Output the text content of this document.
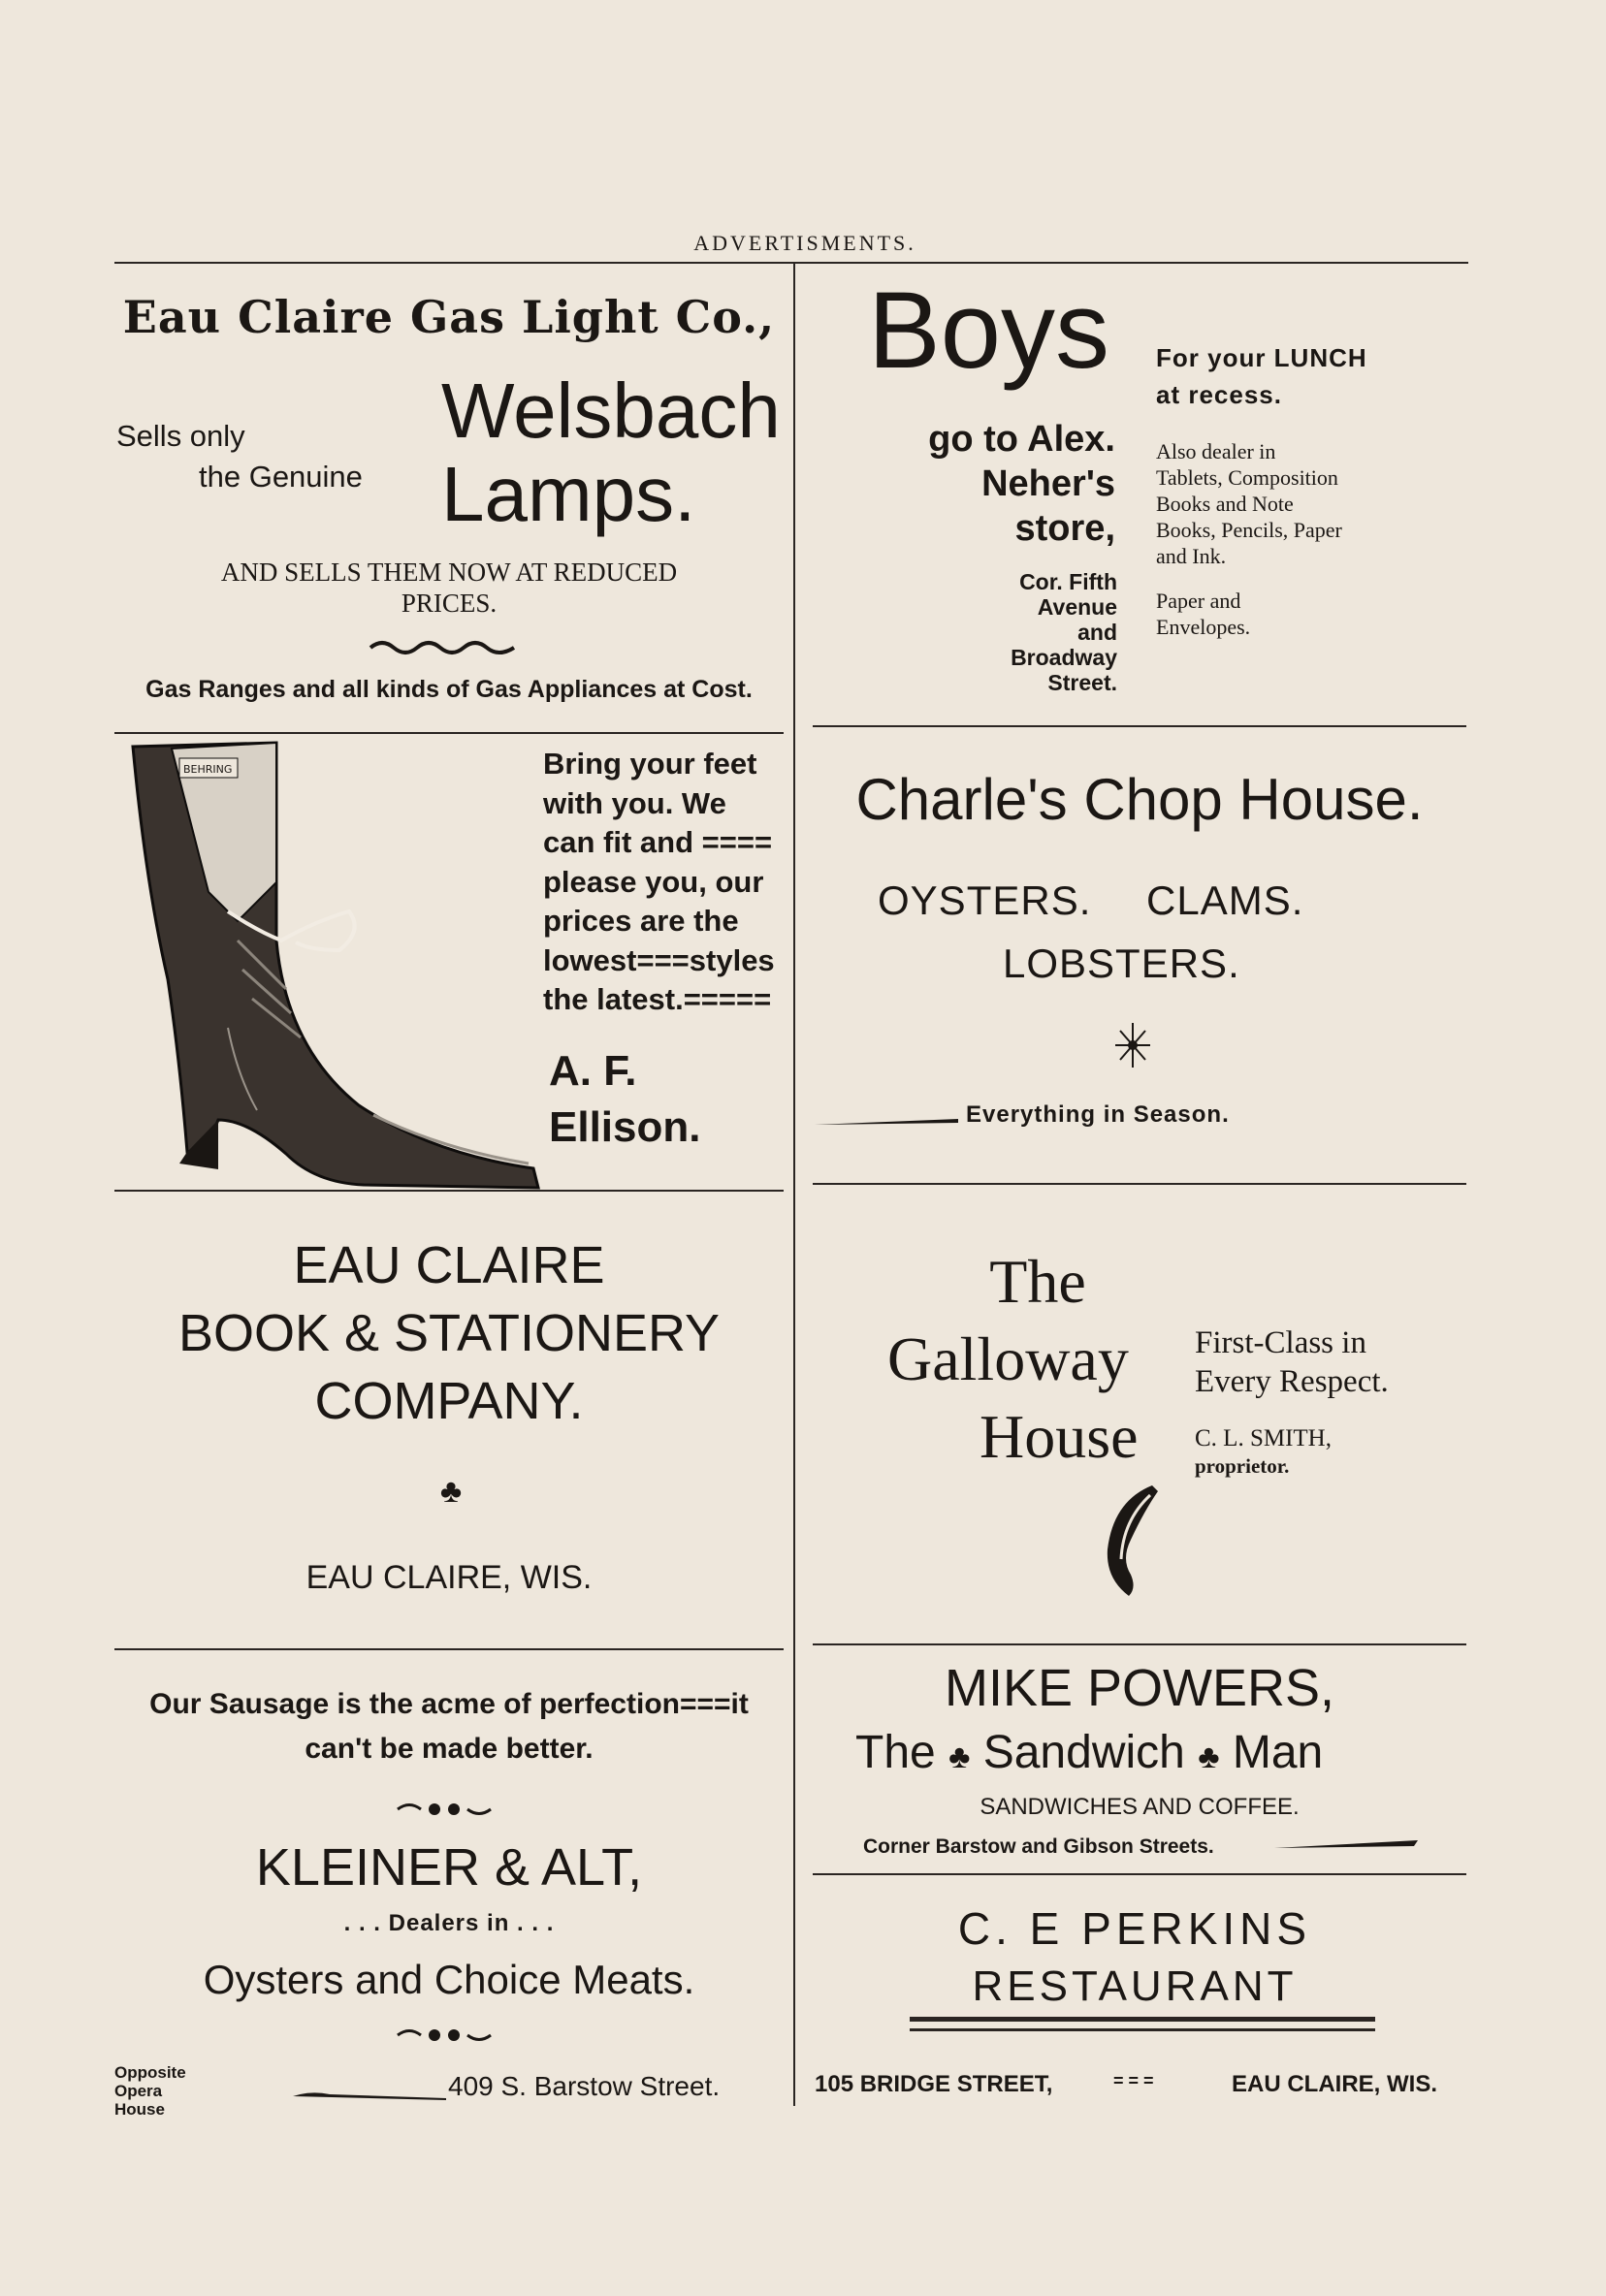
ADVERTISMENTS.
Eau Claire Gas Light Co.,
Sells only
the Genuine
Welsbach
Lamps.
AND SELLS THEM NOW AT REDUCED
PRICES.
Gas Ranges and all kinds of Gas Appliances at Cost.
Boys
go to Alex.
Neher's
store,
Cor. Fifth
Avenue
and
Broadway
Street.
For your LUNCH
at recess.
Also dealer in
Tablets, Composition
Books and Note
Books, Pencils, Paper
and Ink.
Paper and
Envelopes.
BEHRING	Bring your feet
with you. We
can fit and ====
please you, our
prices are the
lowest===styles
the latest.=====
A. F.
Ellison.
Charle's Chop House.
OYSTERS. CLAMS.
LOBSTERS.
Everything in Season.
EAU CLAIRE
BOOK & STATIONERY
COMPANY.
♣
EAU CLAIRE, WIS.
The
Galloway
House
First-Class in
Every Respect.
C. L. SMITH,
proprietor.
Our Sausage is the acme of perfection===it
can't be made better.
KLEINER & ALT,
. . . Dealers in . . .
Oysters and Choice Meats.
Opposite
Opera
House
409 S. Barstow Street.
MIKE POWERS,
The ♣ Sandwich ♣ Man
SANDWICHES AND COFFEE.
Corner Barstow and Gibson Streets.
C. E PERKINS
RESTAURANT
105 BRIDGE STREET,	= = =	EAU CLAIRE, WIS.
